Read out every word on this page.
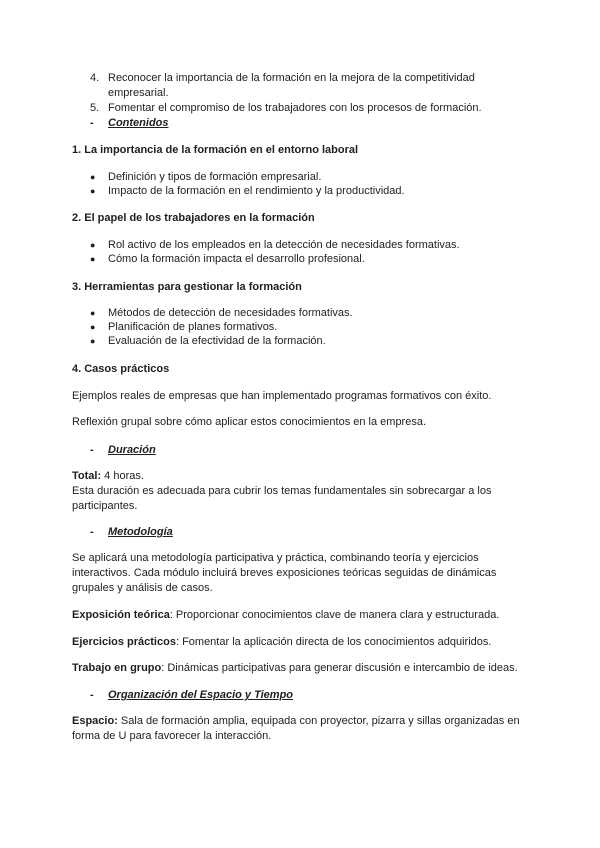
4. Reconocer la importancia de la formación en la mejora de la competitividad empresarial.
5. Fomentar el compromiso de los trabajadores con los procesos de formación.
- Contenidos
1. La importancia de la formación en el entorno laboral
● Definición y tipos de formación empresarial.
● Impacto de la formación en el rendimiento y la productividad.
2. El papel de los trabajadores en la formación
● Rol activo de los empleados en la detección de necesidades formativas.
● Cómo la formación impacta el desarrollo profesional.
3. Herramientas para gestionar la formación
● Métodos de detección de necesidades formativas.
● Planificación de planes formativos.
● Evaluación de la efectividad de la formación.
4. Casos prácticos
Ejemplos reales de empresas que han implementado programas formativos con éxito.
Reflexión grupal sobre cómo aplicar estos conocimientos en la empresa.
- Duración
Total: 4 horas.
Esta duración es adecuada para cubrir los temas fundamentales sin sobrecargar a los participantes.
- Metodología
Se aplicará una metodología participativa y práctica, combinando teoría y ejercicios interactivos. Cada módulo incluirá breves exposiciones teóricas seguidas de dinámicas grupales y análisis de casos.
Exposición teórica: Proporcionar conocimientos clave de manera clara y estructurada.
Ejercicios prácticos: Fomentar la aplicación directa de los conocimientos adquiridos.
Trabajo en grupo: Dinámicas participativas para generar discusión e intercambio de ideas.
- Organización del Espacio y Tiempo
Espacio: Sala de formación amplia, equipada con proyector, pizarra y sillas organizadas en forma de U para favorecer la interacción.
